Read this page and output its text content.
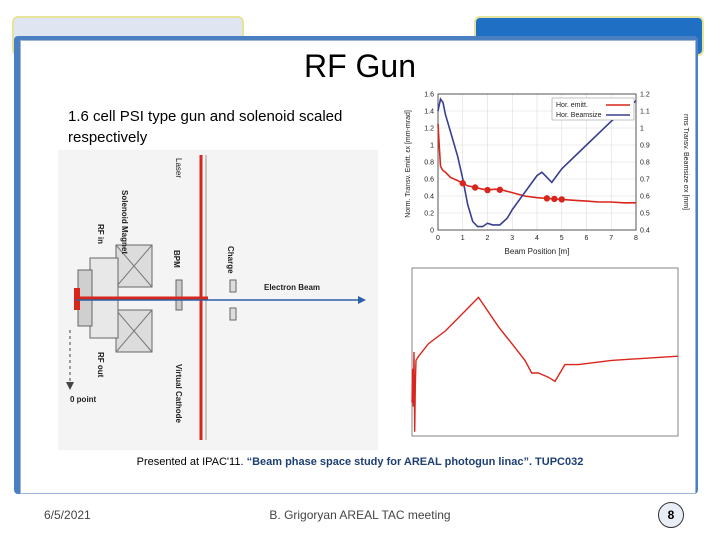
RF Gun
1.6 cell PSI type gun and solenoid scaled respectively
Laser
Solenoid Magnet
RF in
BPM	Charge
Electron Beam
RF out	Virtual Cathode
0 point
0	1	2	3	4	5	6	7	8
0
0.2
0.4
0.6
0.8
1
1.2
1.4
1.6
0.4
0.5
0.6
0.7
0.8
0.9
1
1.1
1.2
Beam Position [m]
Norm. Transv. Emitt. εx [mm-mrad]	rms Transv. Beamsize σx [mm]
Hor. emitt.
Hor. Beamsize
Presented at IPAC'11. “Beam phase space study for AREAL photogun linac”. TUPC032
6/5/2021	B. Grigoryan AREAL TAC meeting	8
